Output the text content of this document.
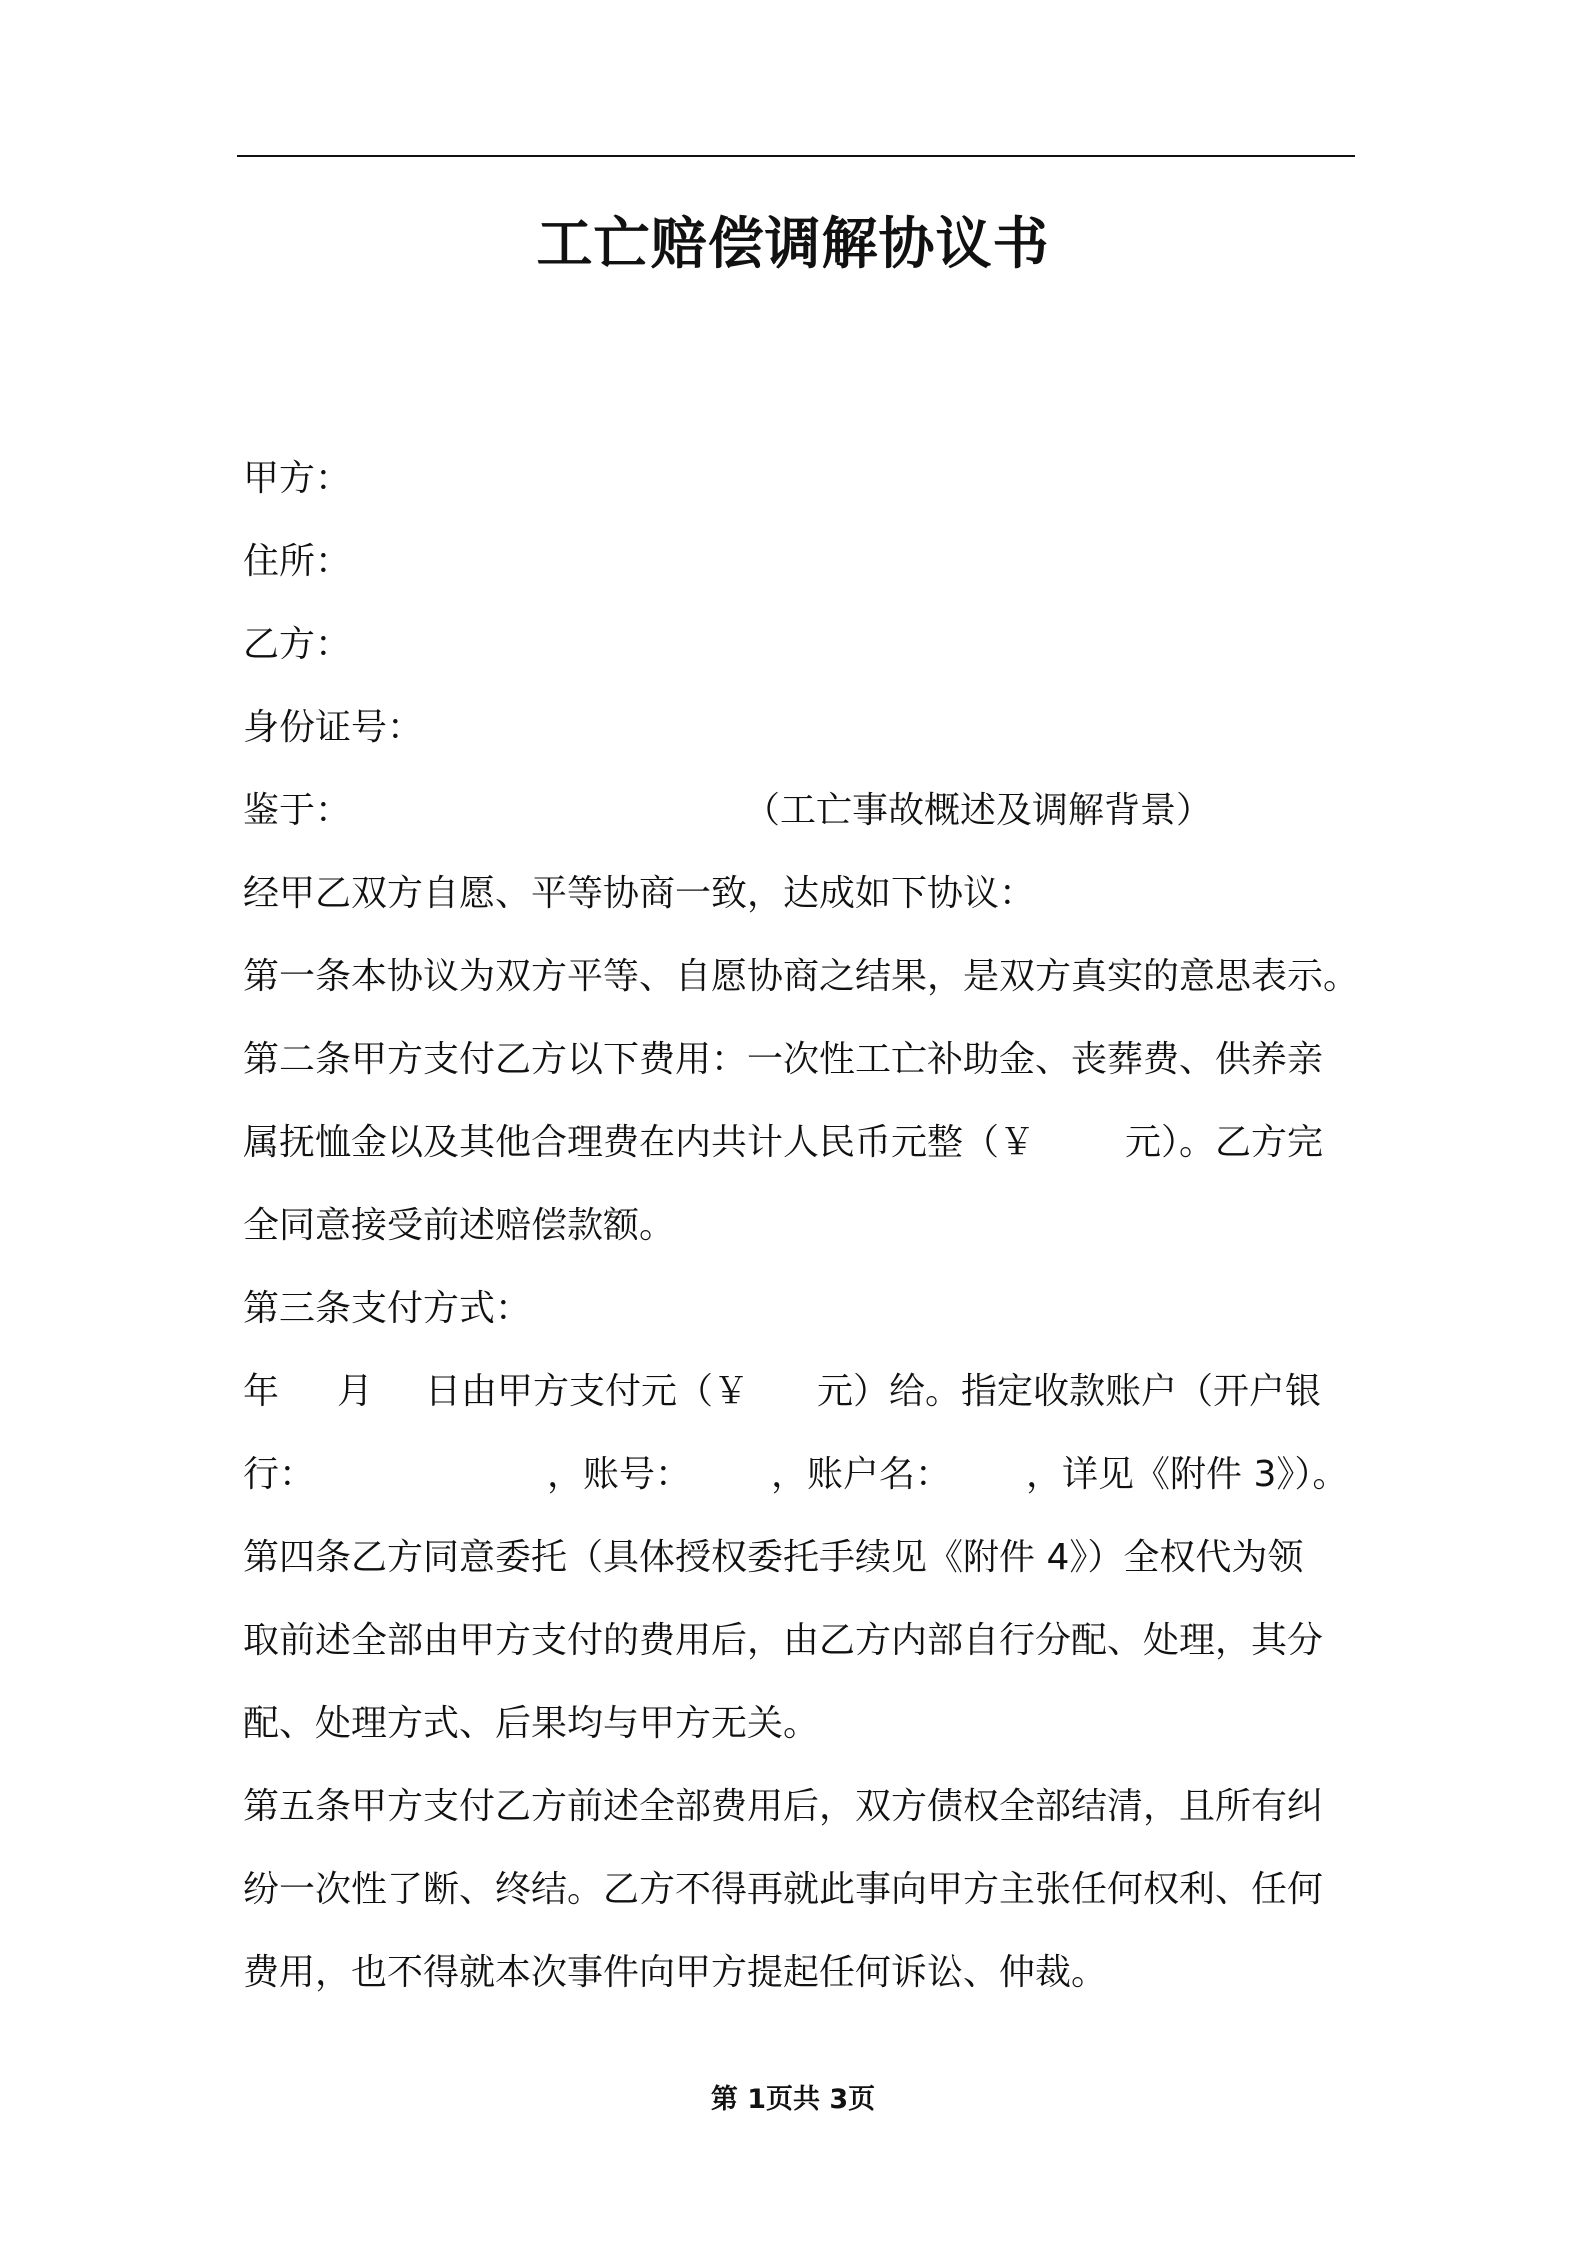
工亡赔偿调解协议书
甲方：
住所：
乙方：
身份证号：
鉴于：	（工亡事故概述及调解背景）
经甲乙双方自愿、平等协商一致，达成如下协议：
第一条本协议为双方平等、自愿协商之结果，是双方真实的意思表示。
第二条甲方支付乙方以下费用：一次性工亡补助金、丧葬费、供养亲
属抚恤金以及其他合理费在内共计人民币元整（￥	元）。乙方完
全同意接受前述赔偿款额。
第三条支付方式：
年 月 日由甲方支付元（￥ 元）给。指定收款账户（开户银
行：	，账号： ，账户名： ，详见《附件 3》）。
第四条乙方同意委托（具体授权委托手续见《附件 4》）全权代为领
取前述全部由甲方支付的费用后，由乙方内部自行分配、处理，其分
配、处理方式、后果均与甲方无关。
第五条甲方支付乙方前述全部费用后，双方债权全部结清，且所有纠
纷一次性了断、终结。乙方不得再就此事向甲方主张任何权利、任何
费用，也不得就本次事件向甲方提起任何诉讼、仲裁。
第 1页共 3页
